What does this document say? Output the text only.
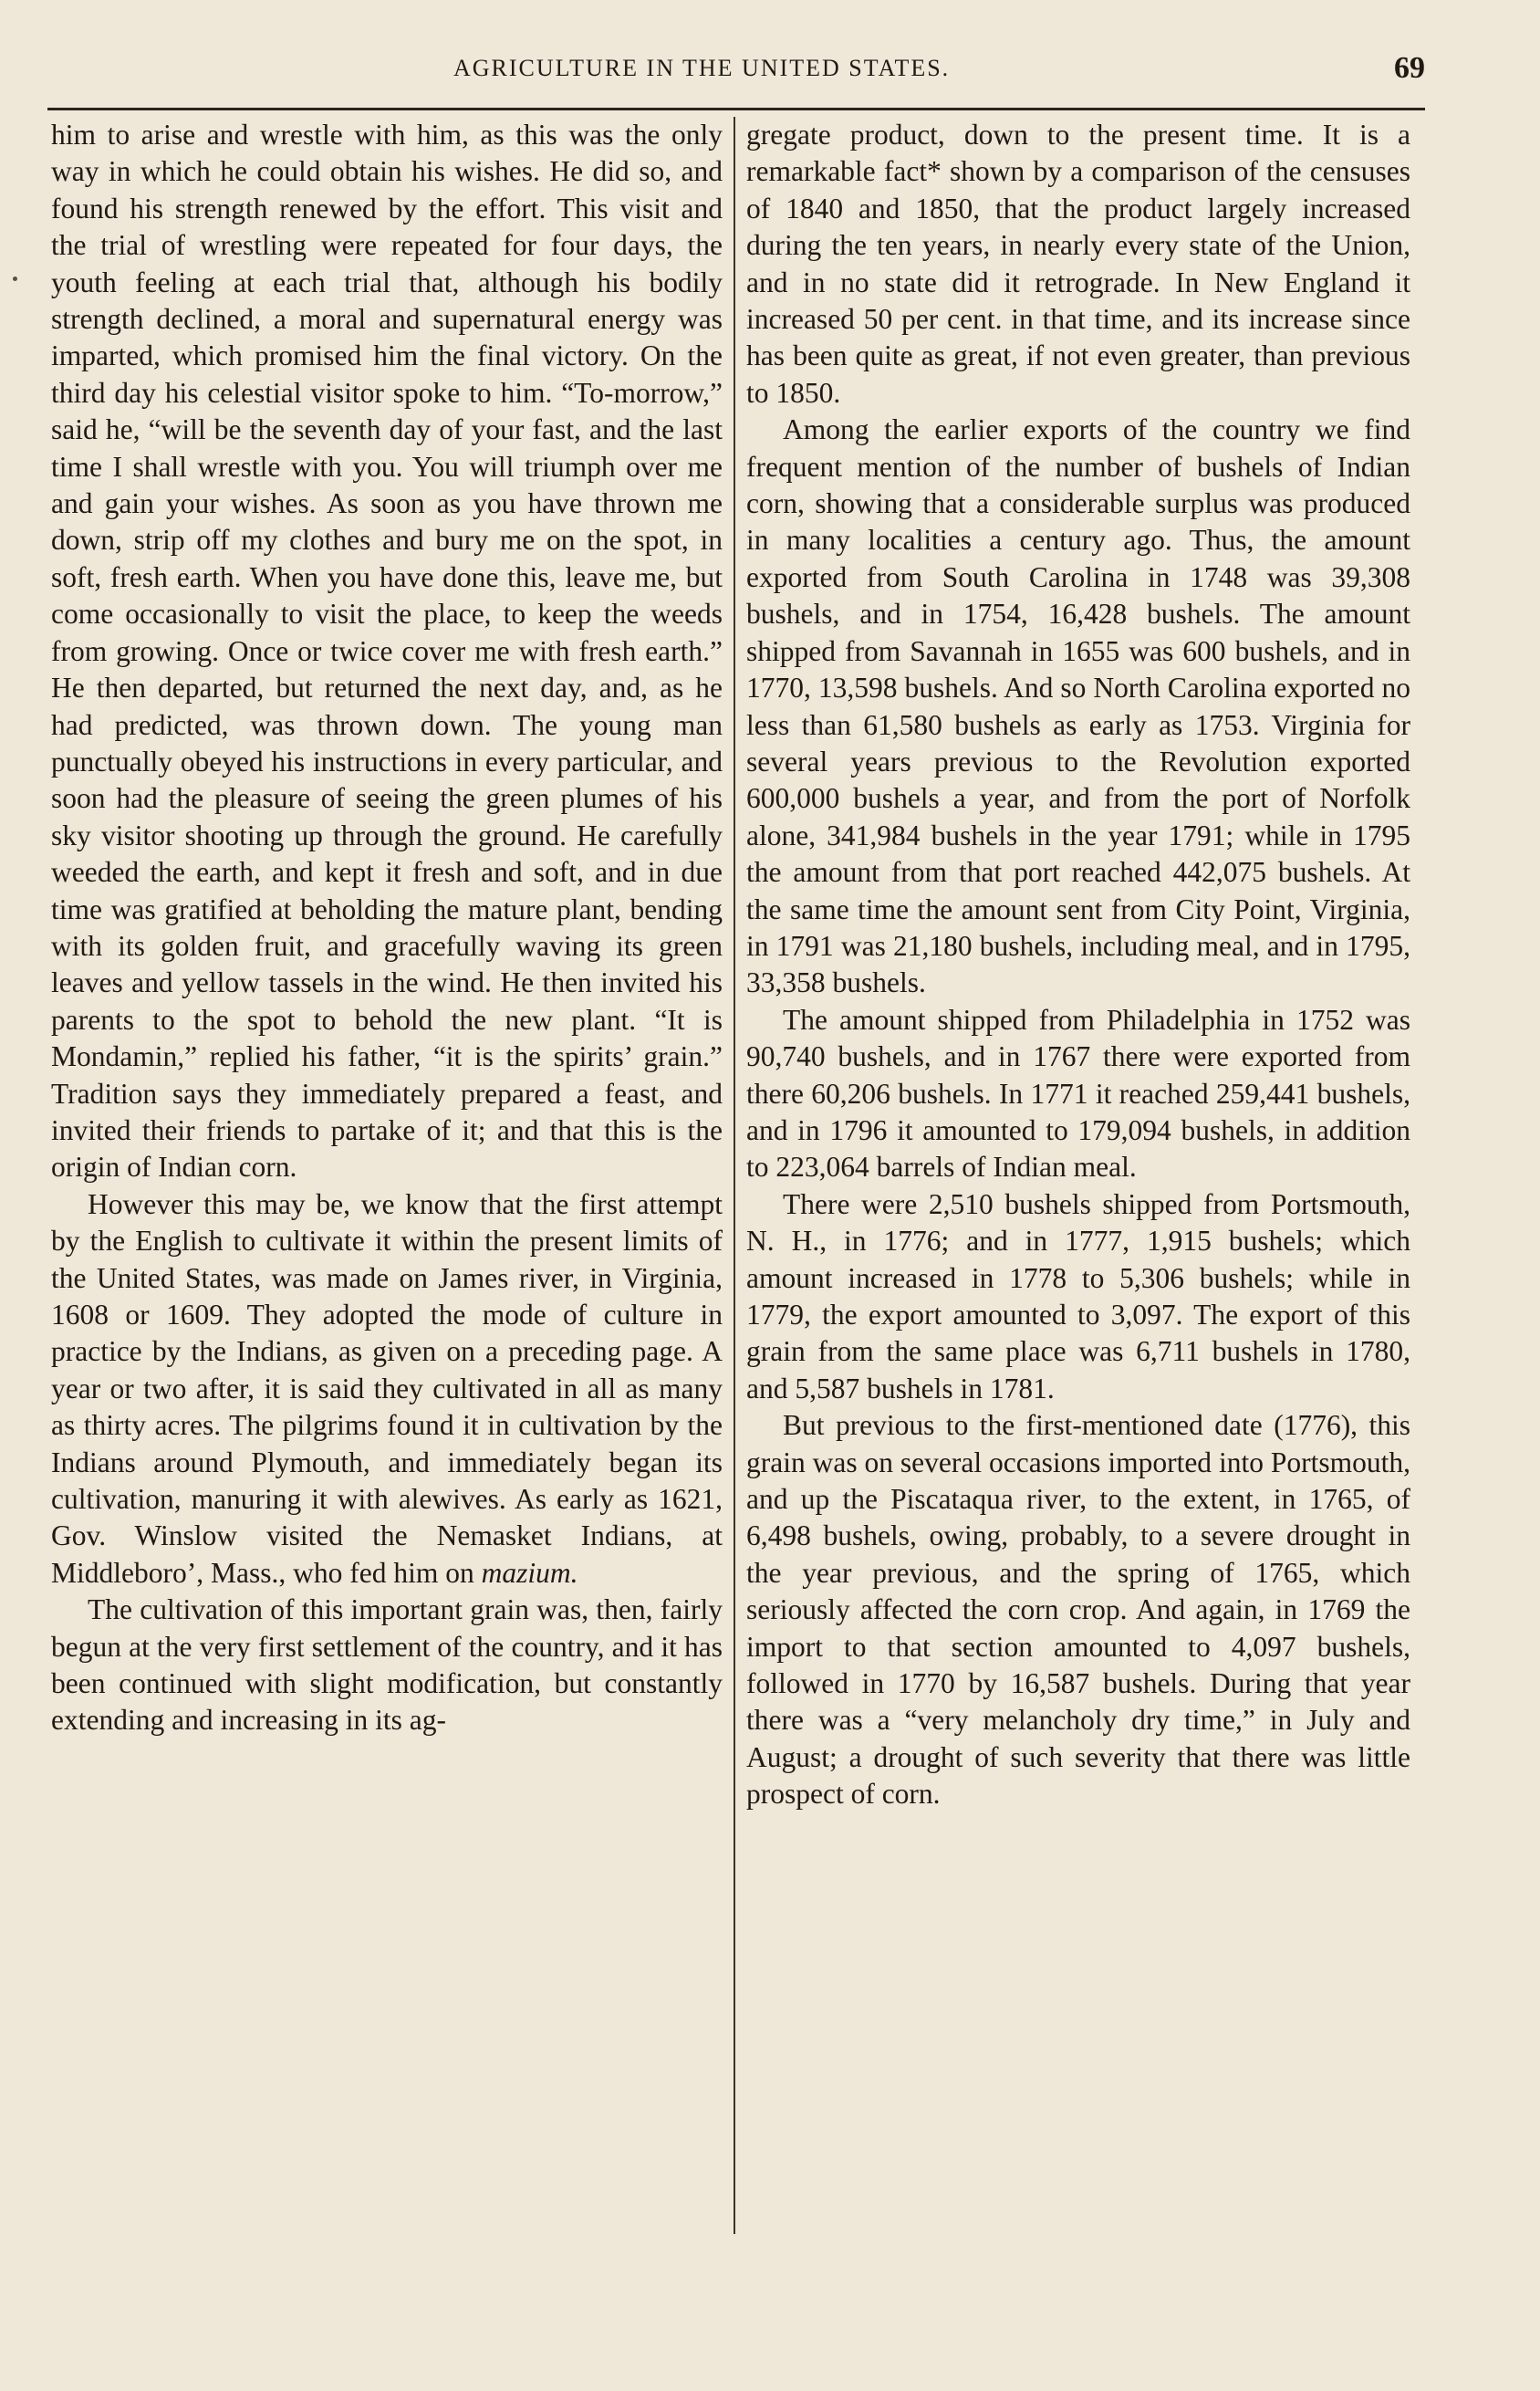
AGRICULTURE IN THE UNITED STATES.	69

him to arise and wrestle with him, as this was the only way in which he could obtain his wishes. He did so, and found his strength renewed by the effort. This visit and the trial of wrestling were repeated for four days, the youth feeling at each trial that, although his bodily strength declined, a moral and supernatural energy was imparted, which promised him the final victory. On the third day his celestial visitor spoke to him. “To-morrow,” said he, “will be the seventh day of your fast, and the last time I shall wrestle with you. You will triumph over me and gain your wishes. As soon as you have thrown me down, strip off my clothes and bury me on the spot, in soft, fresh earth. When you have done this, leave me, but come occasionally to visit the place, to keep the weeds from growing. Once or twice cover me with fresh earth.” He then departed, but returned the next day, and, as he had predicted, was thrown down. The young man punctually obeyed his instructions in every particular, and soon had the pleasure of seeing the green plumes of his sky visitor shooting up through the ground. He carefully weeded the earth, and kept it fresh and soft, and in due time was gratified at beholding the mature plant, bending with its golden fruit, and gracefully waving its green leaves and yellow tassels in the wind. He then invited his parents to the spot to behold the new plant. “It is Mondamin,” replied his father, “it is the spirits’ grain.” Tradition says they immediately prepared a feast, and invited their friends to partake of it; and that this is the origin of Indian corn.

However this may be, we know that the first attempt by the English to cultivate it within the present limits of the United States, was made on James river, in Virginia, 1608 or 1609. They adopted the mode of culture in practice by the Indians, as given on a preceding page. A year or two after, it is said they cultivated in all as many as thirty acres. The pilgrims found it in cultivation by the Indians around Plymouth, and immediately began its cultivation, manuring it with alewives. As early as 1621, Gov. Winslow visited the Nemasket Indians, at Middleboro’, Mass., who fed him on mazium.

The cultivation of this important grain was, then, fairly begun at the very first settlement of the country, and it has been continued with slight modification, but constantly extending and increasing in its ag-

gregate product, down to the present time. It is a remarkable fact* shown by a comparison of the censuses of 1840 and 1850, that the product largely increased during the ten years, in nearly every state of the Union, and in no state did it retrograde. In New England it increased 50 per cent. in that time, and its increase since has been quite as great, if not even greater, than previous to 1850.

Among the earlier exports of the country we find frequent mention of the number of bushels of Indian corn, showing that a considerable surplus was produced in many localities a century ago. Thus, the amount exported from South Carolina in 1748 was 39,308 bushels, and in 1754, 16,428 bushels. The amount shipped from Savannah in 1655 was 600 bushels, and in 1770, 13,598 bushels. And so North Carolina exported no less than 61,580 bushels as early as 1753. Virginia for several years previous to the Revolution exported 600,000 bushels a year, and from the port of Norfolk alone, 341,984 bushels in the year 1791; while in 1795 the amount from that port reached 442,075 bushels. At the same time the amount sent from City Point, Virginia, in 1791 was 21,180 bushels, including meal, and in 1795, 33,358 bushels.

The amount shipped from Philadelphia in 1752 was 90,740 bushels, and in 1767 there were exported from there 60,206 bushels. In 1771 it reached 259,441 bushels, and in 1796 it amounted to 179,094 bushels, in addition to 223,064 barrels of Indian meal.

There were 2,510 bushels shipped from Portsmouth, N. H., in 1776; and in 1777, 1,915 bushels; which amount increased in 1778 to 5,306 bushels; while in 1779, the export amounted to 3,097. The export of this grain from the same place was 6,711 bushels in 1780, and 5,587 bushels in 1781.

But previous to the first-mentioned date (1776), this grain was on several occasions imported into Portsmouth, and up the Piscataqua river, to the extent, in 1765, of 6,498 bushels, owing, probably, to a severe drought in the year previous, and the spring of 1765, which seriously affected the corn crop. And again, in 1769 the import to that section amounted to 4,097 bushels, followed in 1770 by 16,587 bushels. During that year there was a “very melancholy dry time,” in July and August; a drought of such severity that there was little prospect of corn.
